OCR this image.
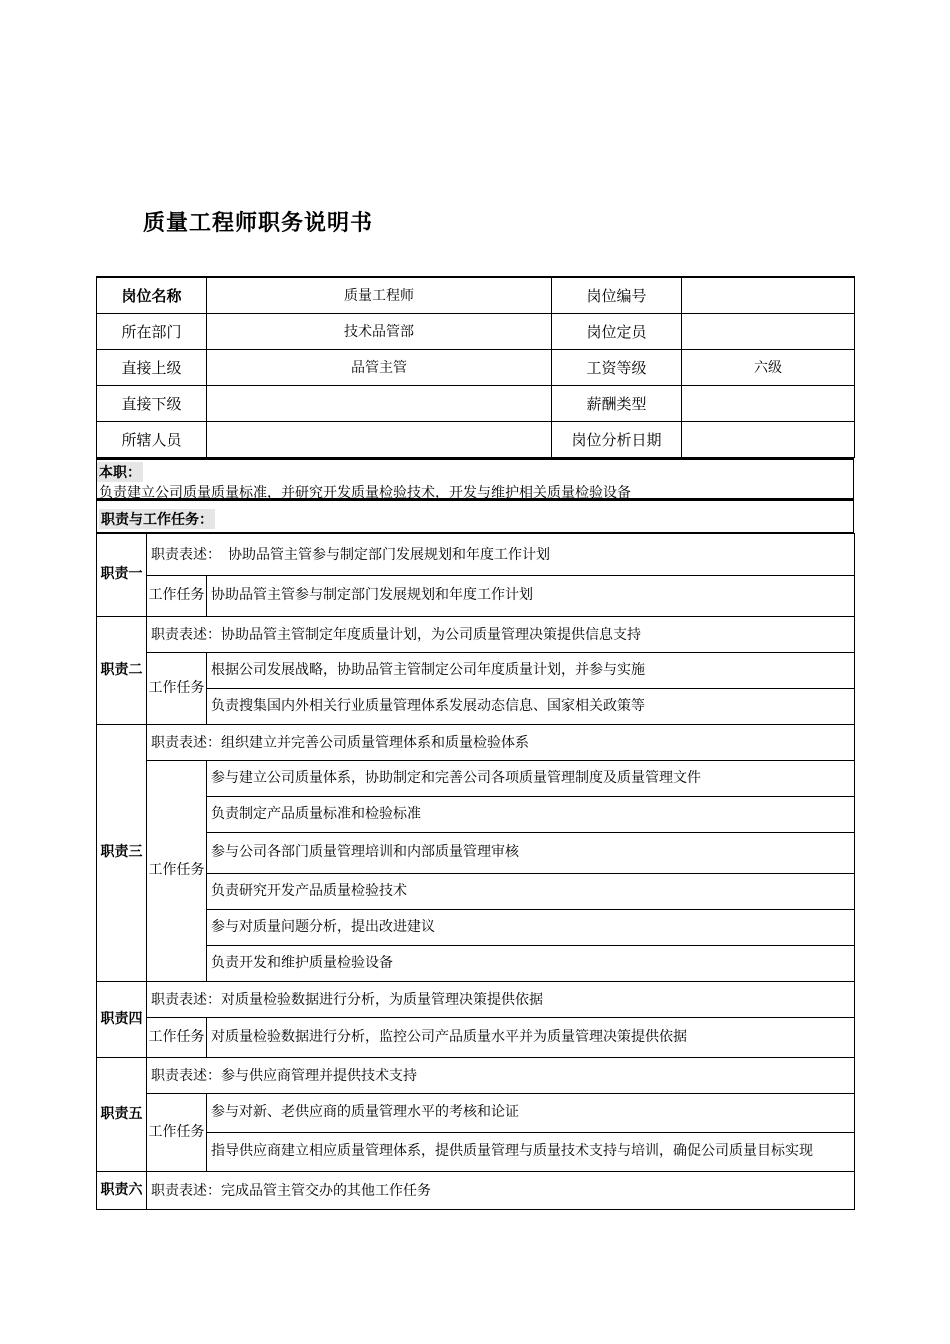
质量工程师职务说明书
岗位名称	质量工程师	岗位编号	
所在部门	技术品管部	岗位定员	
直接上级	品管主管	工资等级	六级
直接下级		薪酬类型	
所辖人员		岗位分析日期	
本职：
负责建立公司质量质量标准，并研究开发质量检验技术，开发与维护相关质量检验设备
职责与工作任务：
职责一	职责表述：　协助品管主管参与制定部门发展规划和年度工作计划	
	工作任务	协助品管主管参与制定部门发展规划和年度工作计划
职责二	职责表述：协助品管主管制定年度质量计划，为公司质量管理决策提供信息支持	
	工作任务	根据公司发展战略，协助品管主管制定公司年度质量计划，并参与实施
		负责搜集国内外相关行业质量管理体系发展动态信息、国家相关政策等
职责三	职责表述：组织建立并完善公司质量管理体系和质量检验体系	
	工作任务	参与建立公司质量体系，协助制定和完善公司各项质量管理制度及质量管理文件
		负责制定产品质量标准和检验标准
		参与公司各部门质量管理培训和内部质量管理审核
		负责研究开发产品质量检验技术
		参与对质量问题分析，提出改进建议
		负责开发和维护质量检验设备
职责四	职责表述：对质量检验数据进行分析，为质量管理决策提供依据	
	工作任务	对质量检验数据进行分析，监控公司产品质量水平并为质量管理决策提供依据
职责五	职责表述：参与供应商管理并提供技术支持	
	工作任务	参与对新、老供应商的质量管理水平的考核和论证
		指导供应商建立相应质量管理体系，提供质量管理与质量技术支持与培训，确促公司质量目标实现
职责六	职责表述：完成品管主管交办的其他工作任务	
